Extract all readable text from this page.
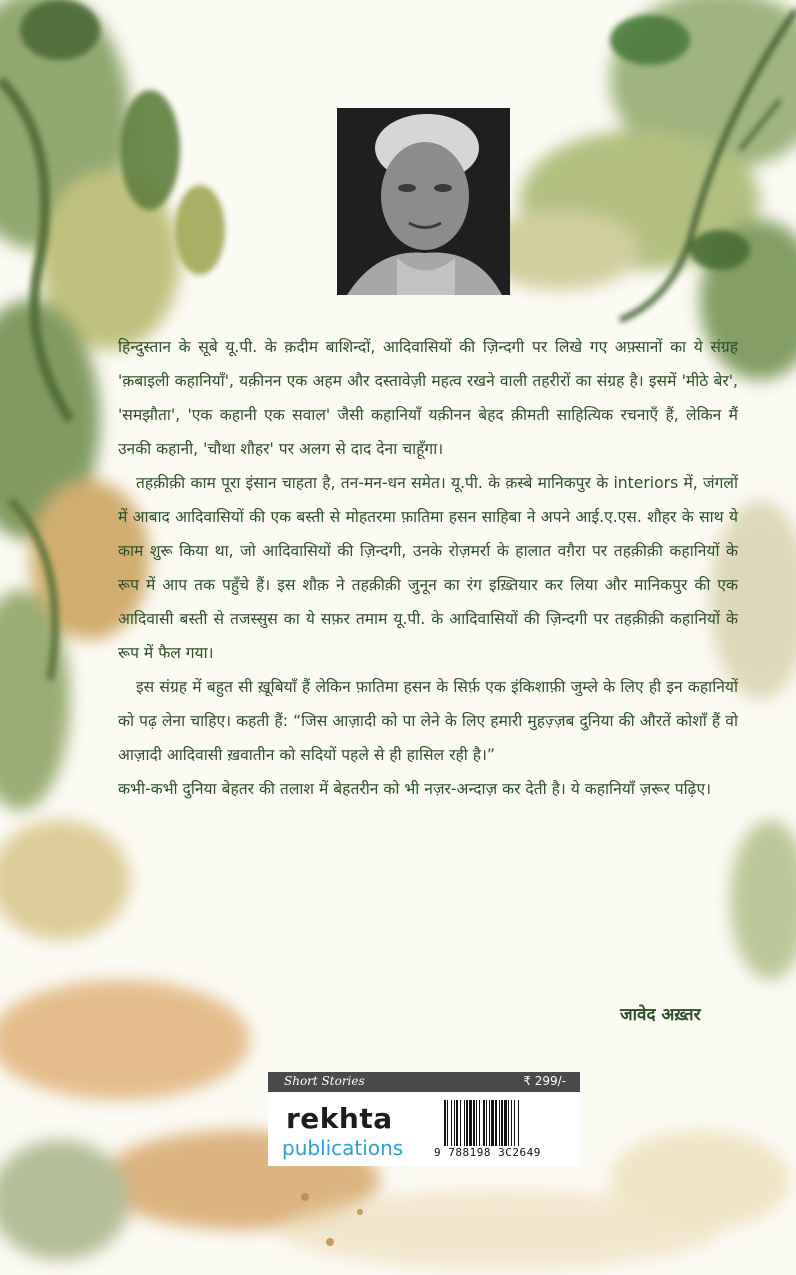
हिन्दुस्तान के सूबे यू.पी. के क़दीम बाशिन्दों, आदिवासियों की ज़िन्दगी पर लिखे गए अफ़्सानों का ये संग्रह 'क़बाइली कहानियाँ', यक़ीनन एक अहम और दस्तावेज़ी महत्व रखने वाली तहरीरों का संग्रह है। इसमें 'मीठे बेर', 'समझौता', 'एक कहानी एक सवाल' जैसी कहानियाँ यक़ीनन बेहद क़ीमती साहित्यिक रचनाएँ हैं, लेकिन मैं उनकी कहानी, 'चौथा शौहर' पर अलग से दाद देना चाहूँगा।

तहक़ीक़ी काम पूरा इंसान चाहता है, तन-मन-धन समेत। यू.पी. के क़स्बे मानिकपुर के interiors में, जंगलों में आबाद आदिवासियों की एक बस्ती से मोहतरमा फ़ातिमा हसन साहिबा ने अपने आई.ए.एस. शौहर के साथ ये काम शुरू किया था, जो आदिवासियों की ज़िन्दगी, उनके रोज़मर्रा के हालात वग़ैरा पर तहक़ीक़ी कहानियों के रूप में आप तक पहुँचे हैं। इस शौक़ ने तहक़ीक़ी जुनून का रंग इख़्तियार कर लिया और मानिकपुर की एक आदिवासी बस्ती से तजस्सुस का ये सफ़र तमाम यू.पी. के आदिवासियों की ज़िन्दगी पर तहक़ीक़ी कहानियों के रूप में फैल गया।

इस संग्रह में बहुत सी ख़ूबियाँ हैं लेकिन फ़ातिमा हसन के सिर्फ़ एक इंकिशाफ़ी जुम्ले के लिए ही इन कहानियों को पढ़ लेना चाहिए। कहती हैं: “जिस आज़ादी को पा लेने के लिए हमारी मुहज़्ज़ब दुनिया की औरतें कोशाँ हैं वो आज़ादी आदिवासी ख़वातीन को सदियों पहले से ही हासिल रही है।”

कभी-कभी दुनिया बेहतर की तलाश में बेहतरीन को भी नज़र-अन्दाज़ कर देती है। ये कहानियाँ ज़रूर पढ़िए।

जावेद अख़्तर
Short Stories	₹ 299/-
rekhta
publications	9 788198 3C2649
